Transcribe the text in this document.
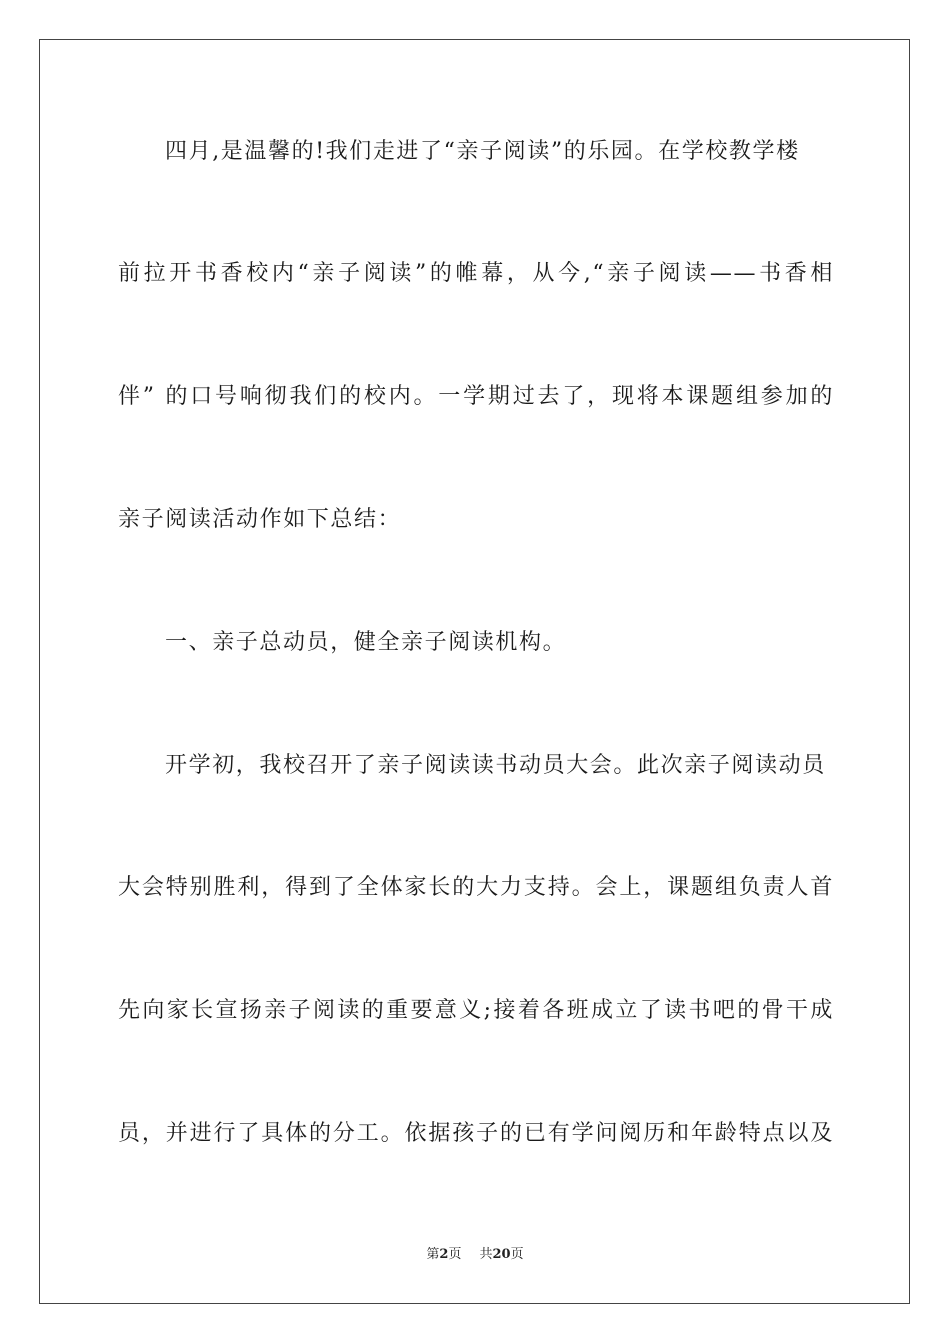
四月,是温馨的!我们走进了“亲子阅读”的乐园。在学校教学楼
前拉开书香校内“亲子阅读”的帷幕，从今,“亲子阅读——书香相
伴” 的口号响彻我们的校内。一学期过去了，现将本课题组参加的
亲子阅读活动作如下总结：
一、亲子总动员，健全亲子阅读机构。
开学初，我校召开了亲子阅读读书动员大会。此次亲子阅读动员
大会特别胜利，得到了全体家长的大力支持。会上，课题组负责人首
先向家长宣扬亲子阅读的重要意义;接着各班成立了读书吧的骨干成
员，并进行了具体的分工。依据孩子的已有学问阅历和年龄特点以及
第2页 共20页
